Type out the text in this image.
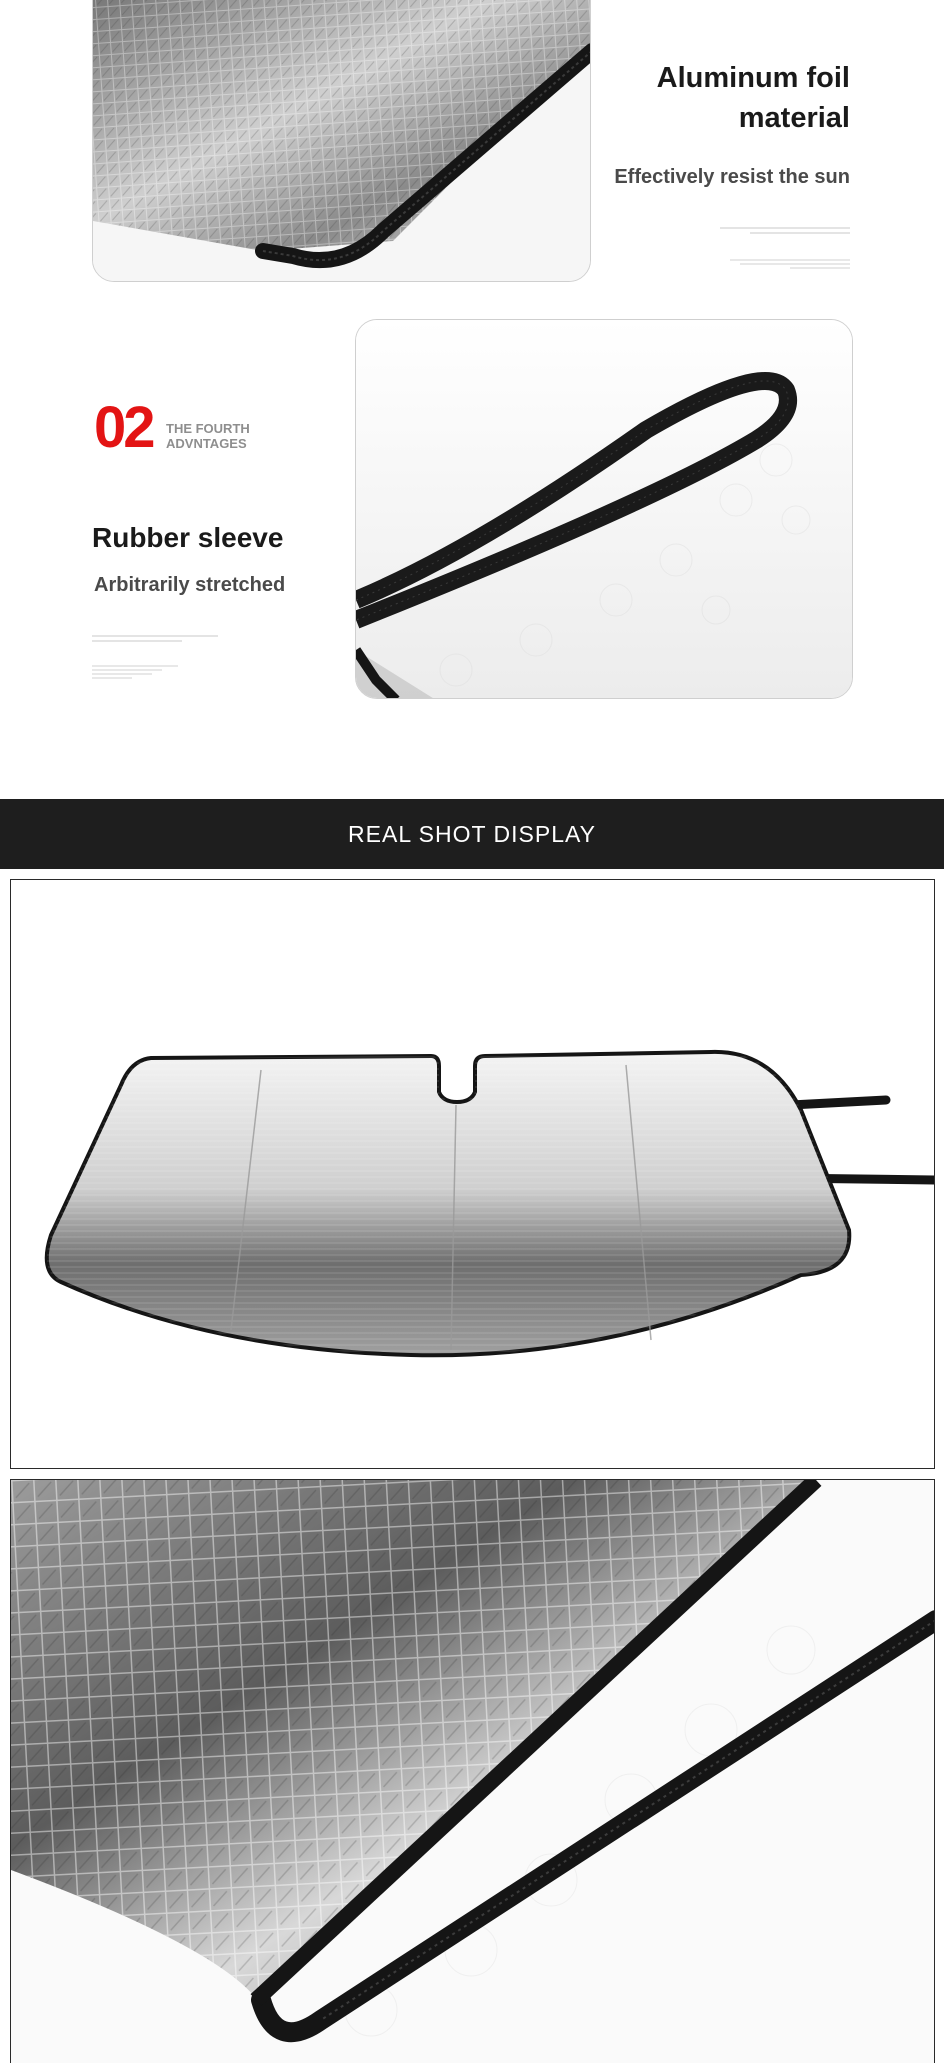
Aluminum foil
material
Effectively resist the sun
02 THE FOURTH
ADVNTAGES
Rubber sleeve
Arbitrarily stretched
REAL SHOT DISPLAY
